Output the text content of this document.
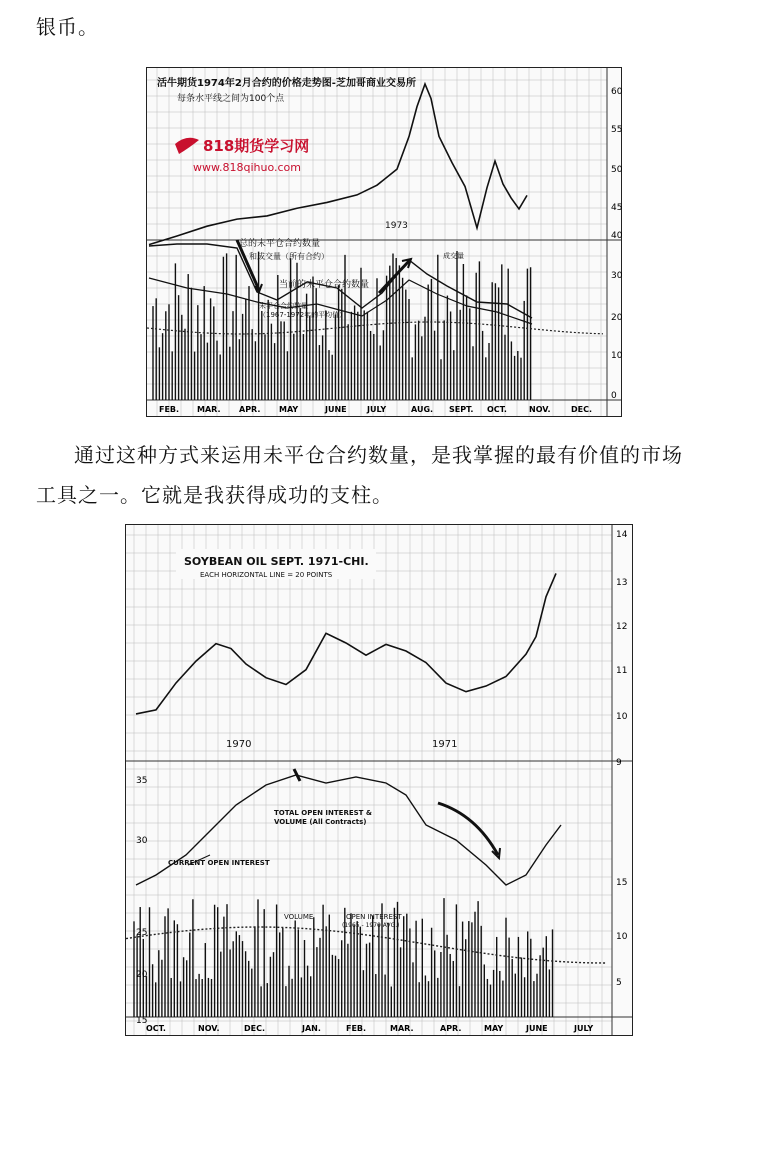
银币。

活牛期货1974年2月合约的价格走势图-芝加哥商业交易所
每条水平线之间为100个点
818期货学习网
www.818qihuo.com
1973
总的未平仓合约数量
和成交量（所有合约）
当前的未平仓合约数量
未平仓合约数量
（1967-1972年的平均值）
成交量
60
55
50
45
40
30
20
10
0
FEB. MAR. APR. MAY	JUNE	JULY	AUG. SEPT. OCT.	NOV.	DEC.

通过这种方式来运用未平仓合约数量，是我掌握的最有价值的市场

工具之一。它就是我获得成功的支柱。

SOYBEAN OIL SEPT. 1971-CHI.
EACH HORIZONTAL LINE = 20 POINTS
1970	1971
TOTAL OPEN INTEREST &
VOLUME (All Contracts)
CURRENT OPEN INTEREST
VOLUME	OPEN INTEREST
(1965 - 1970 AVG.)
14
13
12
11
10
9
15
10
5
35
30
25
20
15
OCT.	NOV.	DEC.	JAN.	FEB.	MAR.	APR.	MAY	JUNE	JULY
